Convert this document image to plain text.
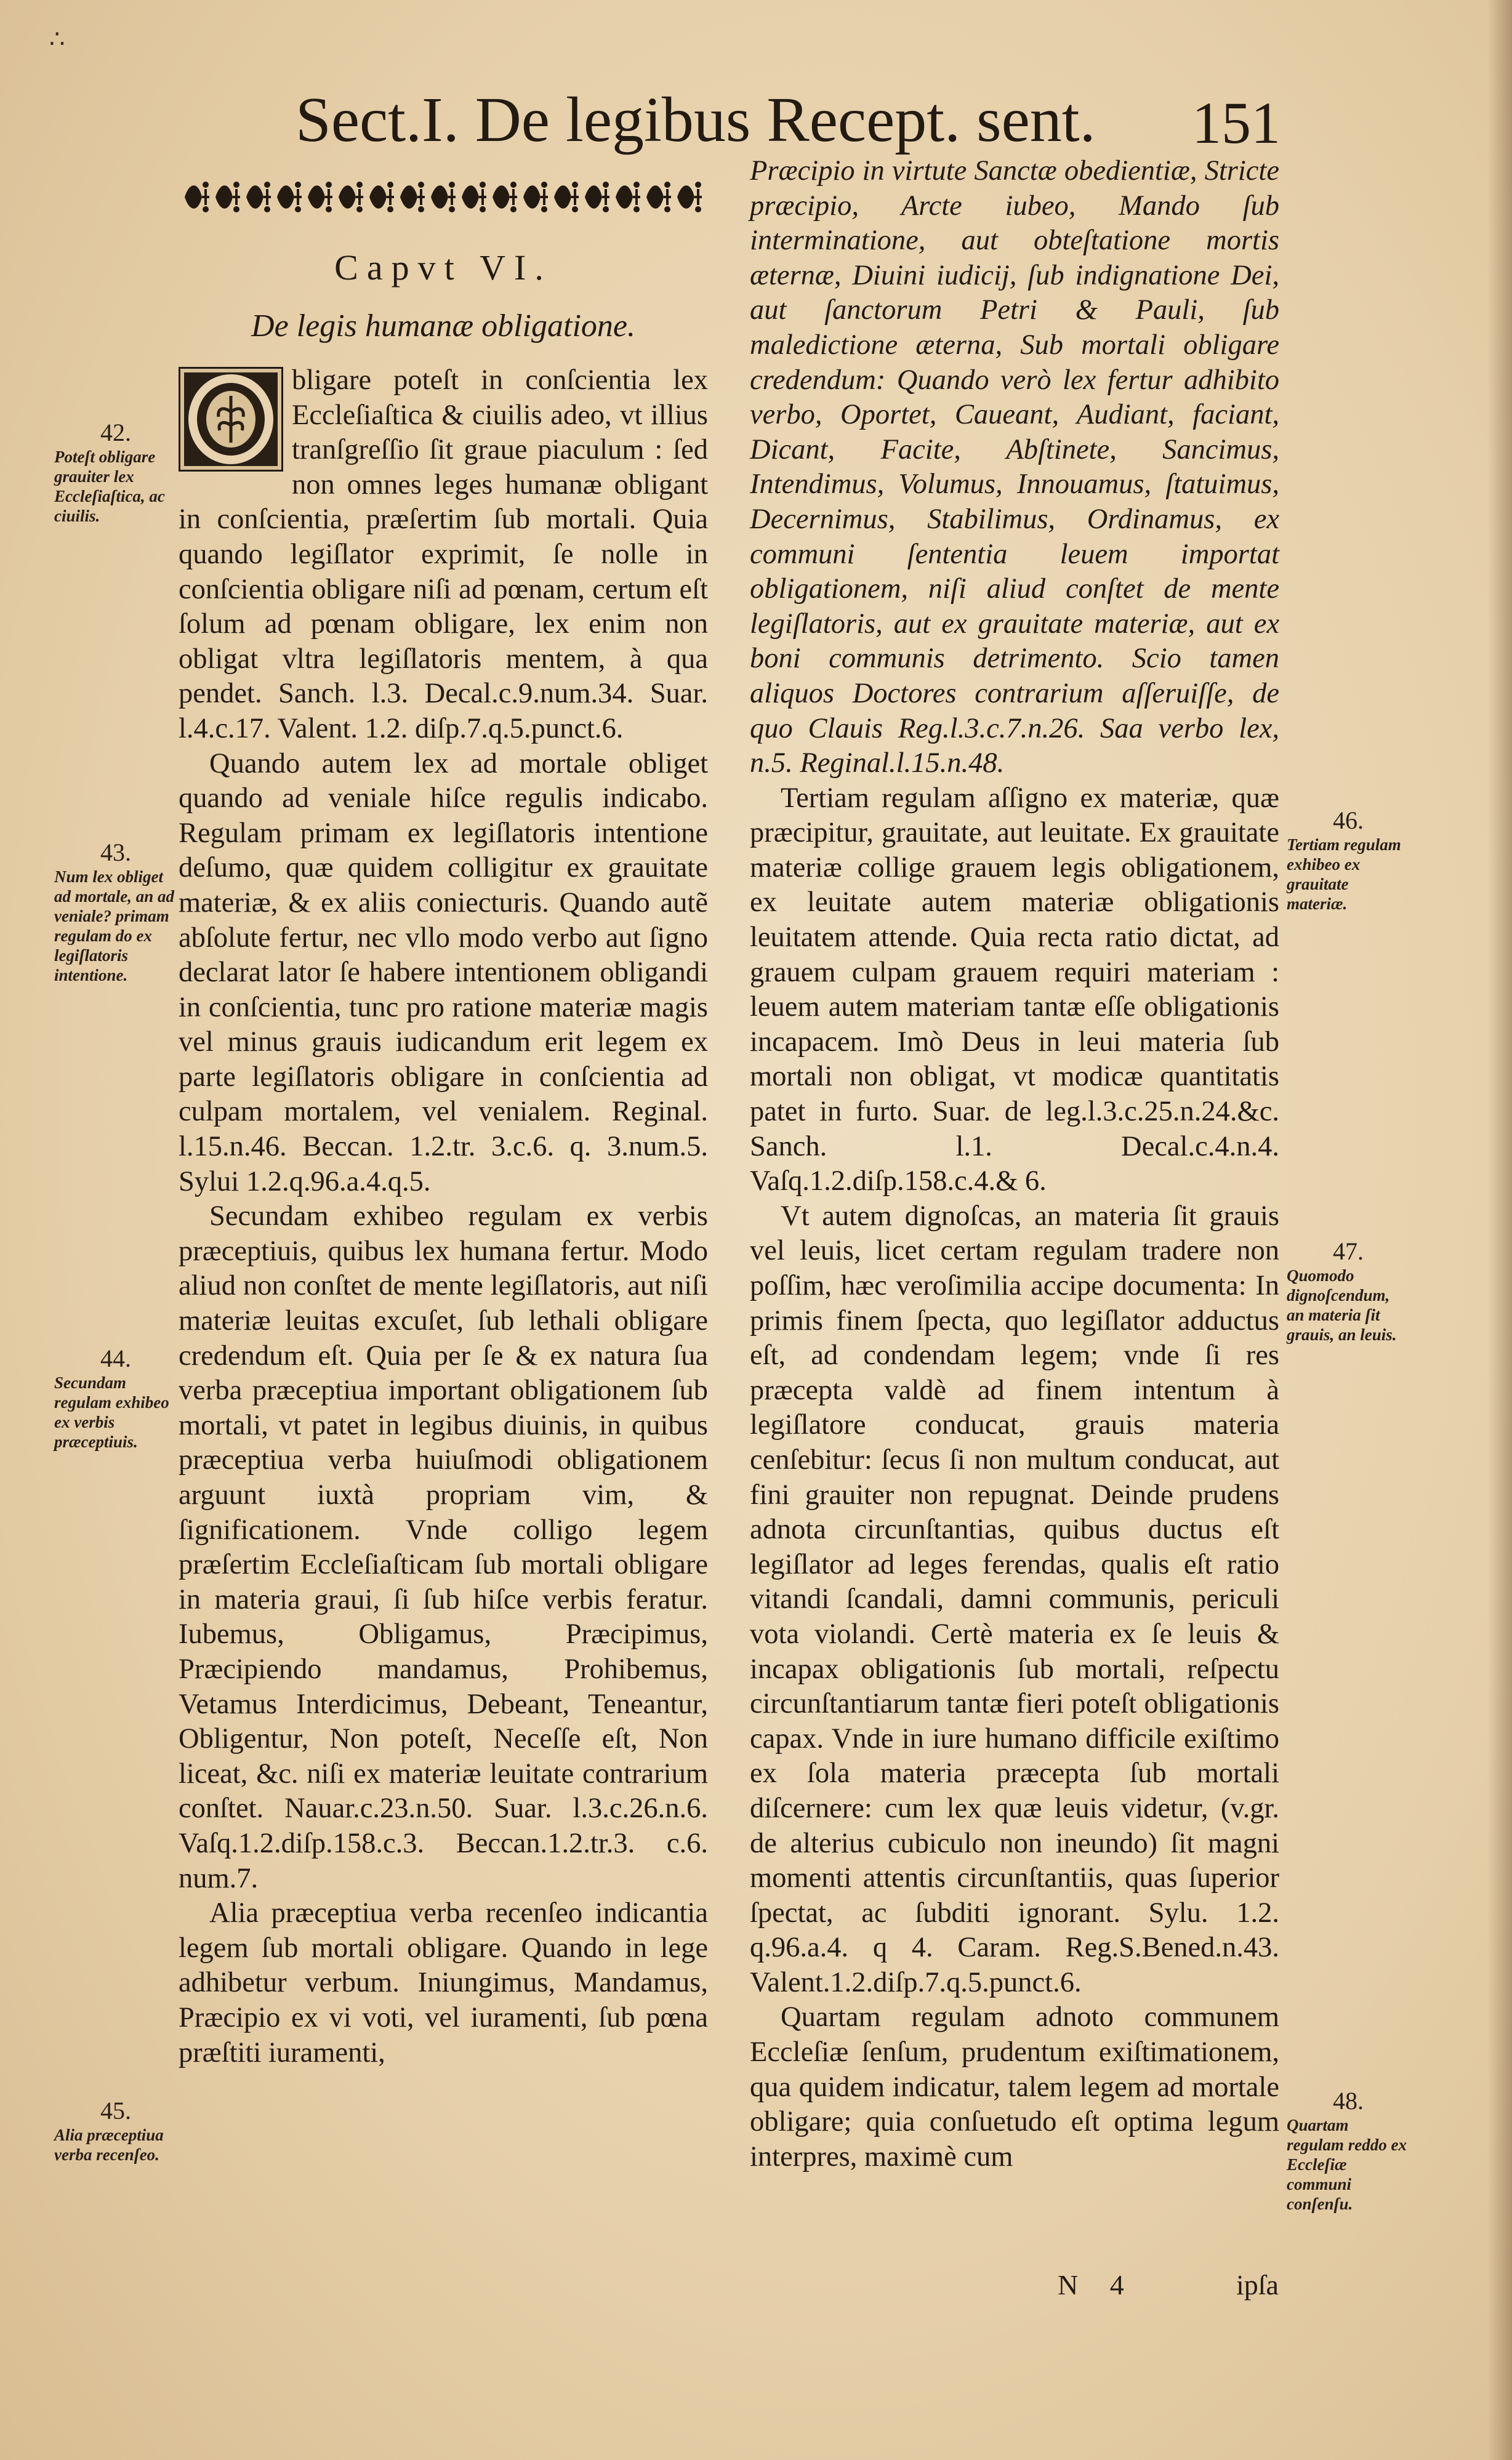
∴
Sect.I. De legibus Recept. sent.	151
Capvt VI.
De legis humanæ obligatione.

bligare poteſt in conſcientia lex Eccleſiaſtica & ciuilis adeo, vt illius tranſgreſſio ſit graue piaculum : ſed non omnes leges humanæ obligant in conſcientia, præſertim ſub mortali. Quia quando legiſlator exprimit, ſe nolle in conſcientia obligare niſi ad pœnam, certum eſt ſolum ad pœnam obligare, lex enim non obligat vltra legiſlatoris mentem, à qua pendet. Sanch. l.3. Decal.c.9.num.34. Suar. l.4.c.17. Valent. 1.2. diſp.7.q.5.punct.6.

Quando autem lex ad mortale obliget quando ad veniale hiſce regulis indicabo. Regulam primam ex legiſlatoris intentione deſumo, quæ quidem colligitur ex grauitate materiæ, & ex aliis coniecturis. Quando autẽ abſolute fertur, nec vllo modo verbo aut ſigno declarat lator ſe habere intentionem obligandi in conſcientia, tunc pro ratione materiæ magis vel minus grauis iudicandum erit legem ex parte legiſlatoris obligare in conſcientia ad culpam mortalem, vel venialem. Reginal. l.15.n.46. Beccan. 1.2.tr. 3.c.6. q. 3.num.5. Sylui 1.2.q.96.a.4.q.5.

Secundam exhibeo regulam ex verbis præceptiuis, quibus lex humana fertur. Modo aliud non conſtet de mente legiſlatoris, aut niſi materiæ leuitas excuſet, ſub lethali obligare credendum eſt. Quia per ſe & ex natura ſua verba præceptiua important obligationem ſub mortali, vt patet in legibus diuinis, in quibus præceptiua verba huiuſmodi obligationem arguunt iuxtà propriam vim, & ſignificationem. Vnde colligo legem præſertim Eccleſiaſticam ſub mortali obligare in materia graui, ſi ſub hiſce verbis feratur. Iubemus, Obligamus, Præcipimus, Præcipiendo mandamus, Prohibemus, Vetamus Interdicimus, Debeant, Teneantur, Obligentur, Non poteſt, Neceſſe eſt, Non liceat, &c. niſi ex materiæ leuitate contrarium conſtet. Nauar.c.23.n.50. Suar. l.3.c.26.n.6. Vaſq.1.2.diſp.158.c.3. Beccan.1.2.tr.3. c.6. num.7.

Alia præceptiua verba recenſeo indicantia legem ſub mortali obligare. Quando in lege adhibetur verbum. Iniungimus, Mandamus, Præcipio ex vi voti, vel iuramenti, ſub pœna præſtiti iuramenti,

Præcipio in virtute Sanctæ obedientiæ, Stricte præcipio, Arcte iubeo, Mando ſub interminatione, aut obteſtatione mortis æternæ, Diuini iudicij, ſub indignatione Dei, aut ſanctorum Petri & Pauli, ſub maledictione æterna, Sub mortali obligare credendum: Quando verò lex fertur adhibito verbo, Oportet, Caueant, Audiant, faciant, Dicant, Facite, Abſtinete, Sancimus, Intendimus, Volumus, Innouamus, ſtatuimus, Decernimus, Stabilimus, Ordinamus, ex communi ſententia leuem importat obligationem, niſi aliud conſtet de mente legiſlatoris, aut ex grauitate materiæ, aut ex boni communis detrimento. Scio tamen aliquos Doctores contrarium aſſeruiſſe, de quo Clauis Reg.l.3.c.7.n.26. Saa verbo lex, n.5. Reginal.l.15.n.48.

Tertiam regulam aſſigno ex materiæ, quæ præcipitur, grauitate, aut leuitate. Ex grauitate materiæ collige grauem legis obligationem, ex leuitate autem materiæ obligationis leuitatem attende. Quia recta ratio dictat, ad grauem culpam grauem requiri materiam : leuem autem materiam tantæ eſſe obligationis incapacem. Imò Deus in leui materia ſub mortali non obligat, vt modicæ quantitatis patet in furto. Suar. de leg.l.3.c.25.n.24.&c. Sanch. l.1. Decal.c.4.n.4. Vaſq.1.2.diſp.158.c.4.& 6.

Vt autem dignoſcas, an materia ſit grauis vel leuis, licet certam regulam tradere non poſſim, hæc veroſimilia accipe documenta: In primis finem ſpecta, quo legiſlator adductus eſt, ad condendam legem; vnde ſi res præcepta valdè ad finem intentum à legiſlatore conducat, grauis materia cenſebitur: ſecus ſi non multum conducat, aut fini grauiter non repugnat. Deinde prudens adnota circunſtantias, quibus ductus eſt legiſlator ad leges ferendas, qualis eſt ratio vitandi ſcandali, damni communis, periculi vota violandi. Certè materia ex ſe leuis & incapax obligationis ſub mortali, reſpectu circunſtantiarum tantæ fieri poteſt obligationis capax. Vnde in iure humano difficile exiſtimo ex ſola materia præcepta ſub mortali diſcernere: cum lex quæ leuis videtur, (v.gr. de alterius cubiculo non ineundo) ſit magni momenti attentis circunſtantiis, quas ſuperior ſpectat, ac ſubditi ignorant. Sylu. 1.2. q.96.a.4. q 4. Caram. Reg.S.Bened.n.43. Valent.1.2.diſp.7.q.5.punct.6.

Quartam regulam adnoto communem Eccleſiæ ſenſum, prudentum exiſtimationem, qua quidem indicatur, talem legem ad mortale obligare; quia conſuetudo eſt optima legum interpres, maximè cum

42.
Poteſt obligare grauiter lex Eccleſiaſtica, ac ciuilis.
43.
Num lex obliget ad mortale, an ad veniale? primam regulam do ex legiſlatoris intentione.
44.
Secundam regulam exhibeo ex verbis præceptiuis.
45.
Alia præceptiua verba recenſeo.
46.
Tertiam regulam exhibeo ex grauitate materiæ.
47.
Quomodo dignoſcendum, an materia ſit grauis, an leuis.
48.
Quartam regulam reddo ex Eccleſiæ communi conſenſu.
N 4	ipſa
